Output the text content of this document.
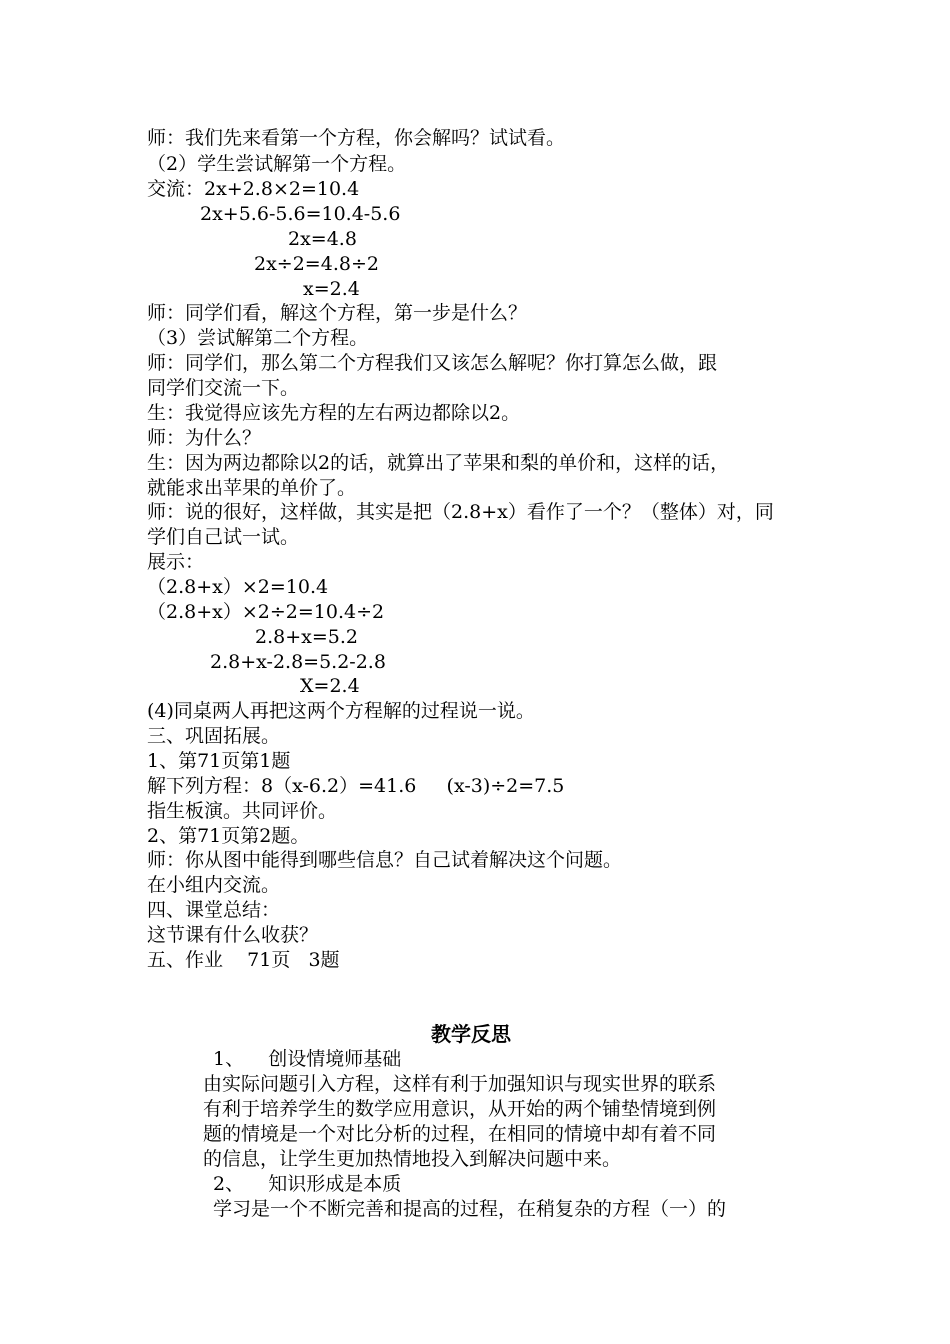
师：我们先来看第一个方程，你会解吗？试试看。
（2）学生尝试解第一个方程。
交流：2x+2.8×2=10.4
2x+5.6-5.6=10.4-5.6
2x=4.8
2x÷2=4.8÷2
x=2.4
师：同学们看，解这个方程，第一步是什么？
（3）尝试解第二个方程。
师：同学们，那么第二个方程我们又该怎么解呢？你打算怎么做，跟
同学们交流一下。
生：我觉得应该先方程的左右两边都除以2。
师：为什么？
生：因为两边都除以2的话，就算出了苹果和梨的单价和，这样的话，
就能求出苹果的单价了。
师：说的很好，这样做，其实是把（2.8+x）看作了一个？（整体）对，同
学们自己试一试。
展示：
（2.8+x）×2=10.4
（2.8+x）×2÷2=10.4÷2
2.8+x=5.2
2.8+x-2.8=5.2-2.8
X=2.4
(4)同桌两人再把这两个方程解的过程说一说。
三、巩固拓展。
1、第71页第1题
解下列方程：8（x-6.2）=41.6     (x-3)÷2=7.5
指生板演。共同评价。
2、第71页第2题。
师：你从图中能得到哪些信息？自己试着解决这个问题。
在小组内交流。
四、课堂总结：
这节课有什么收获？
五、作业    71页   3题
教学反思
1、    创设情境师基础
由实际问题引入方程，这样有利于加强知识与现实世界的联系
有利于培养学生的数学应用意识，从开始的两个铺垫情境到例
题的情境是一个对比分析的过程，在相同的情境中却有着不同
的信息，让学生更加热情地投入到解决问题中来。
2、    知识形成是本质
学习是一个不断完善和提高的过程，在稍复杂的方程（一）的
